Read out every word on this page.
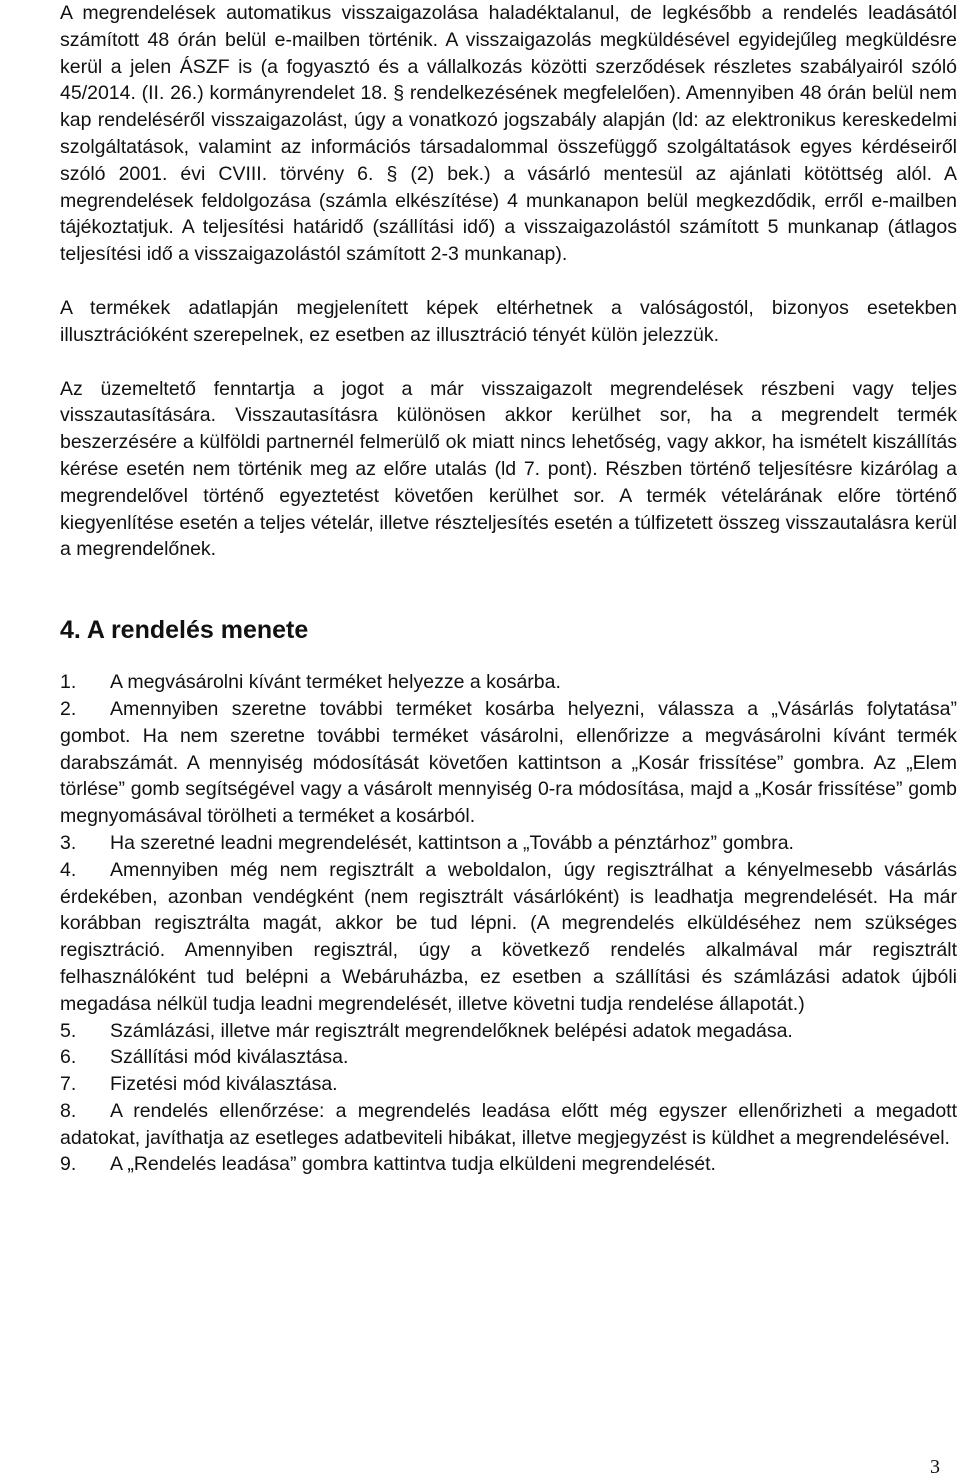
A megrendelések automatikus visszaigazolása haladéktalanul, de legkésőbb a rendelés leadásától számított 48 órán belül e-mailben történik. A visszaigazolás megküldésével egyidejűleg megküldésre kerül a jelen ÁSZF is (a fogyasztó és a vállalkozás közötti szerződések részletes szabályairól szóló 45/2014. (II. 26.) kormányrendelet 18. § rendelkezésének megfelelően). Amennyiben 48 órán belül nem kap rendeléséről visszaigazolást, úgy a vonatkozó jogszabály alapján (ld: az elektronikus kereskedelmi szolgáltatások, valamint az információs társadalommal összefüggő szolgáltatások egyes kérdéseiről szóló 2001. évi CVIII. törvény 6. § (2) bek.) a vásárló mentesül az ajánlati kötöttség alól. A megrendelések feldolgozása (számla elkészítése) 4 munkanapon belül megkezdődik, erről e-mailben tájékoztatjuk. A teljesítési határidő (szállítási idő) a visszaigazolástól számított 5 munkanap (átlagos teljesítési idő a visszaigazolástól számított 2-3 munkanap).

A termékek adatlapján megjelenített képek eltérhetnek a valóságostól, bizonyos esetekben illusztrációként szerepelnek, ez esetben az illusztráció tényét külön jelezzük.

Az üzemeltető fenntartja a jogot a már visszaigazolt megrendelések részbeni vagy teljes visszautasítására. Visszautasításra különösen akkor kerülhet sor, ha a megrendelt termék beszerzésére a külföldi partnernél felmerülő ok miatt nincs lehetőség, vagy akkor, ha ismételt kiszállítás kérése esetén nem történik meg az előre utalás (ld 7. pont). Részben történő teljesítésre kizárólag a megrendelővel történő egyeztetést követően kerülhet sor. A termék vételárának előre történő kiegyenlítése esetén a teljes vételár, illetve részteljesítés esetén a túlfizetett összeg visszautalásra kerül a megrendelőnek.

4. A rendelés menete
1. A megvásárolni kívánt terméket helyezze a kosárba.
2. Amennyiben szeretne további terméket kosárba helyezni, válassza a „Vásárlás folytatása” gombot. Ha nem szeretne további terméket vásárolni, ellenőrizze a megvásárolni kívánt termék darabszámát. A mennyiség módosítását követően kattintson a „Kosár frissítése” gombra. Az „Elem törlése” gomb segítségével vagy a vásárolt mennyiség 0-ra módosítása, majd a „Kosár frissítése” gomb megnyomásával törölheti a terméket a kosárból.
3. Ha szeretné leadni megrendelését, kattintson a „Tovább a pénztárhoz” gombra.
4. Amennyiben még nem regisztrált a weboldalon, úgy regisztrálhat a kényelmesebb vásárlás érdekében, azonban vendégként (nem regisztrált vásárlóként) is leadhatja megrendelését. Ha már korábban regisztrálta magát, akkor be tud lépni. (A megrendelés elküldéséhez nem szükséges regisztráció. Amennyiben regisztrál, úgy a következő rendelés alkalmával már regisztrált felhasználóként tud belépni a Webáruházba, ez esetben a szállítási és számlázási adatok újbóli megadása nélkül tudja leadni megrendelését, illetve követni tudja rendelése állapotát.)
5. Számlázási, illetve már regisztrált megrendelőknek belépési adatok megadása.
6. Szállítási mód kiválasztása.
7. Fizetési mód kiválasztása.
8. A rendelés ellenőrzése: a megrendelés leadása előtt még egyszer ellenőrizheti a megadott adatokat, javíthatja az esetleges adatbeviteli hibákat, illetve megjegyzést is küldhet a megrendelésével.
9. A „Rendelés leadása” gombra kattintva tudja elküldeni megrendelését.
3
